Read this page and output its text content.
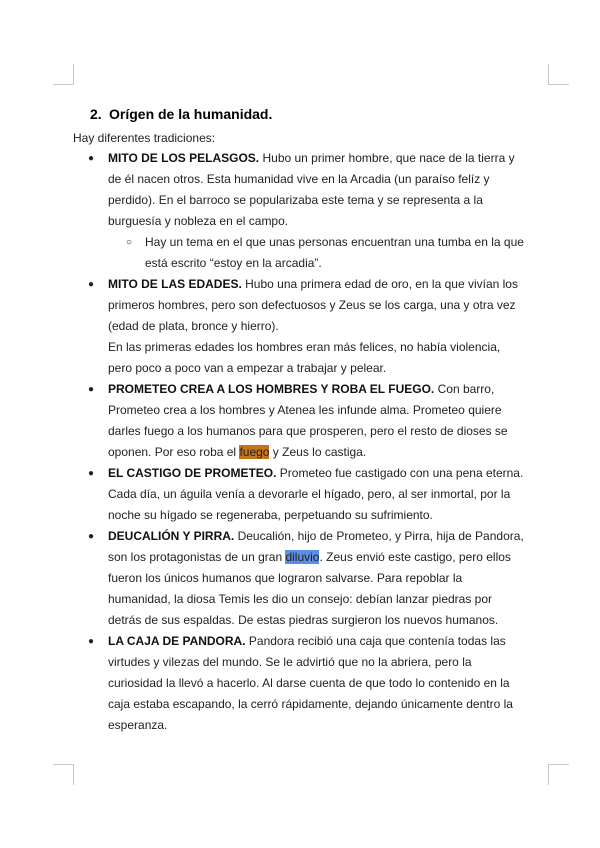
2. Orígen de la humanidad.
Hay diferentes tradiciones:
● MITO DE LOS PELASGOS. Hubo un primer hombre, que nace de la tierra y de él nacen otros. Esta humanidad vive en la Arcadia (un paraíso felíz y perdido). En el barroco se popularizaba este tema y se representa a la burguesía y nobleza en el campo.
○ Hay un tema en el que unas personas encuentran una tumba en la que está escrito “estoy en la arcadia”.
● MITO DE LAS EDADES. Hubo una primera edad de oro, en la que vivían los primeros hombres, pero son defectuosos y Zeus se los carga, una y otra vez (edad de plata, bronce y hierro).
En las primeras edades los hombres eran más felices, no había violencia, pero poco a poco van a empezar a trabajar y pelear.
● PROMETEO CREA A LOS HOMBRES Y ROBA EL FUEGO. Con barro, Prometeo crea a los hombres y Atenea les infunde alma. Prometeo quiere darles fuego a los humanos para que prosperen, pero el resto de dioses se oponen. Por eso roba el fuego y Zeus lo castiga.
● EL CASTIGO DE PROMETEO. Prometeo fue castigado con una pena eterna. Cada día, un águila venía a devorarle el hígado, pero, al ser inmortal, por la noche su hígado se regeneraba, perpetuando su sufrimiento.
● DEUCALIÓN Y PIRRA. Deucalión, hijo de Prometeo, y Pirra, hija de Pandora, son los protagonistas de un gran diluvio. Zeus envió este castigo, pero ellos fueron los únicos humanos que lograron salvarse. Para repoblar la humanidad, la diosa Temis les dio un consejo: debían lanzar piedras por detrás de sus espaldas. De estas piedras surgieron los nuevos humanos.
● LA CAJA DE PANDORA. Pandora recibió una caja que contenía todas las virtudes y vilezas del mundo. Se le advirtió que no la abriera, pero la curiosidad la llevó a hacerlo. Al darse cuenta de que todo lo contenido en la caja estaba escapando, la cerró rápidamente, dejando únicamente dentro la esperanza.
